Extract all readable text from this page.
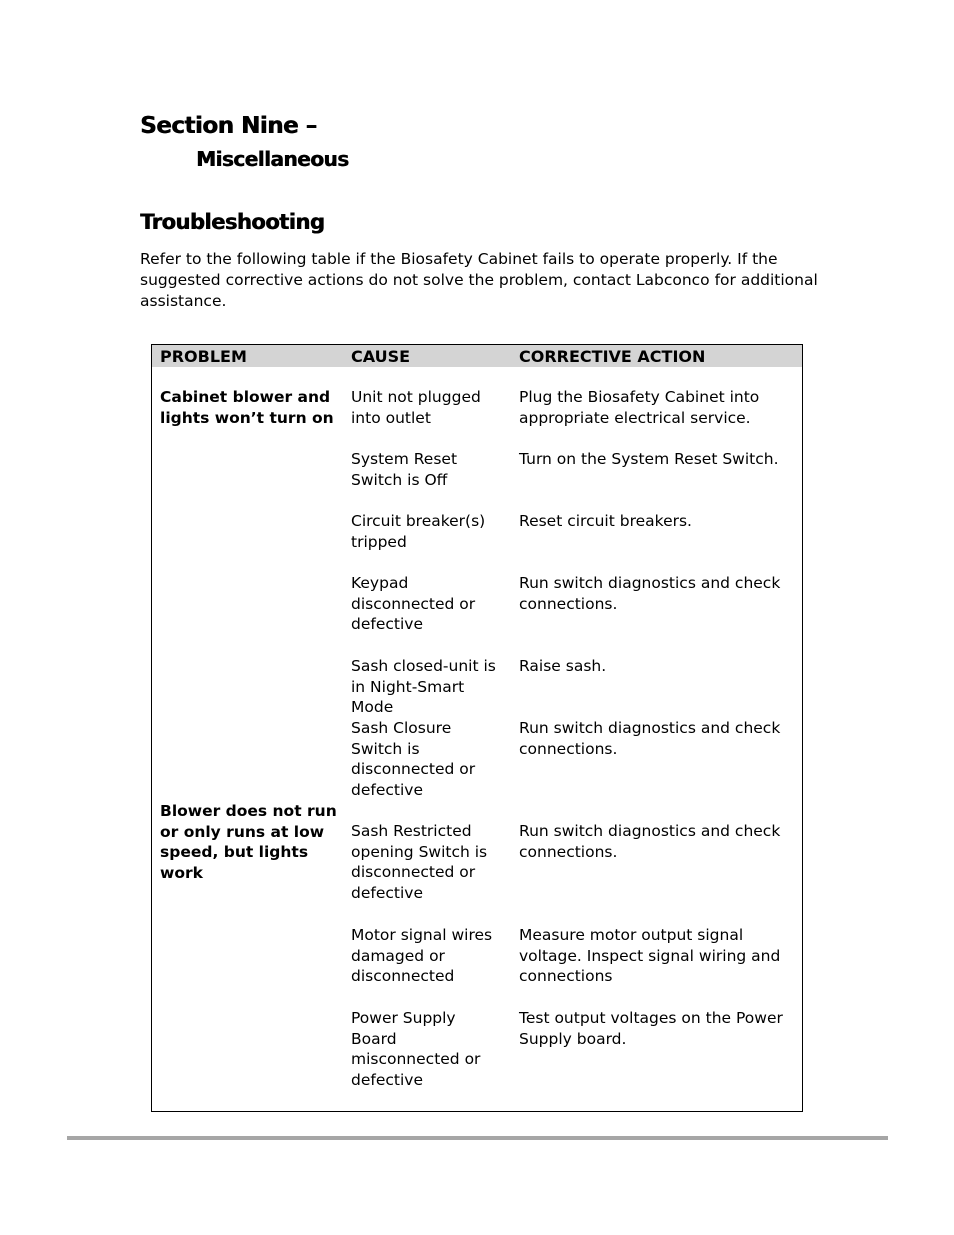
Section Nine –
Miscellaneous
Troubleshooting

Refer to the following table if the Biosafety Cabinet fails to operate properly. If the suggested corrective actions do not solve the problem, contact Labconco for additional assistance.

PROBLEM	CAUSE	CORRECTIVE ACTION
Cabinet blower and lights won’t turn on
Blower does not run or only runs at low speed, but lights work
Unit not plugged into outlet
System Reset Switch is Off
Circuit breaker(s) tripped
Keypad disconnected or defective
Sash closed-unit is in Night-Smart Mode
Sash Closure Switch is disconnected or defective
Sash Restricted opening Switch is disconnected or defective
Motor signal wires damaged or disconnected
Power Supply Board misconnected or defective
Plug the Biosafety Cabinet into appropriate electrical service.
Turn on the System Reset Switch.
Reset circuit breakers.
Run switch diagnostics and check connections.
Raise sash.
Run switch diagnostics and check connections.
Run switch diagnostics and check connections.
Measure motor output signal voltage. Inspect signal wiring and connections
Test output voltages on the Power Supply board.
